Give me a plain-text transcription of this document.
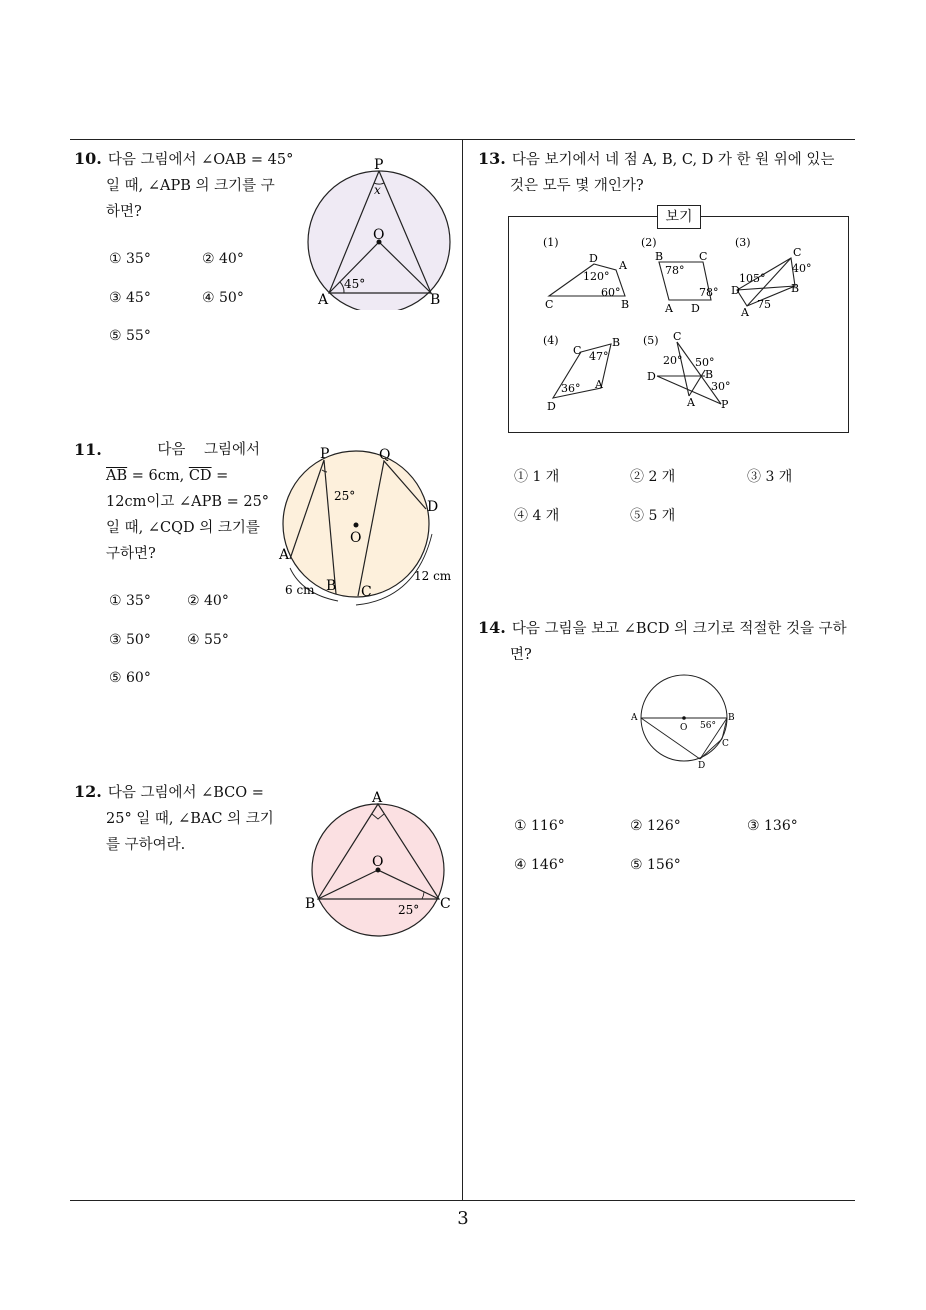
10. 다음 그림에서 ∠OAB = 45°
일 때, ∠APB 의 크기를 구
하면?
① 35°	② 40°
③ 45°	④ 50°
⑤ 55°
P
x
O
A	B
45°
11.	다음 그림에서
$\overline{AB} = 6cm$, $\overline{CD}$ =
12cm이고 ∠APB = 25°
일 때, ∠CQD 의 크기를
구하면?
① 35°	② 40°
③ 50°	④ 55°
⑤ 60°
P	Q
D
O
A
B C
25°
6 cm
12 cm
12. 다음 그림에서 ∠BCO =
25° 일 때, ∠BAC 의 크기
를 구하여라.
A
O
B	C
25°
13. 다음 보기에서 네 점 A, B, C, D 가 한 원 위에 있는
것은 모두 몇 개인가?
보기
(1)
D
A
C	B
120°
60°
(2)
B	C
A D
78°
78°
(3)
C
D
A
B
105°
40°
75
(4)
C
B
A
D
47°
36°
(5) C
D	B
A P
20° 50°
30°
① 1 개	② 2 개	③ 3 개
④ 4 개	⑤ 5 개
14. 다음 그림을 보고 ∠BCD 의 크기로 적절한 것을 구하
면?
A
O
B
C
D
56°
① 116°	② 126°	③ 136°
④ 146°	⑤ 156°
3
